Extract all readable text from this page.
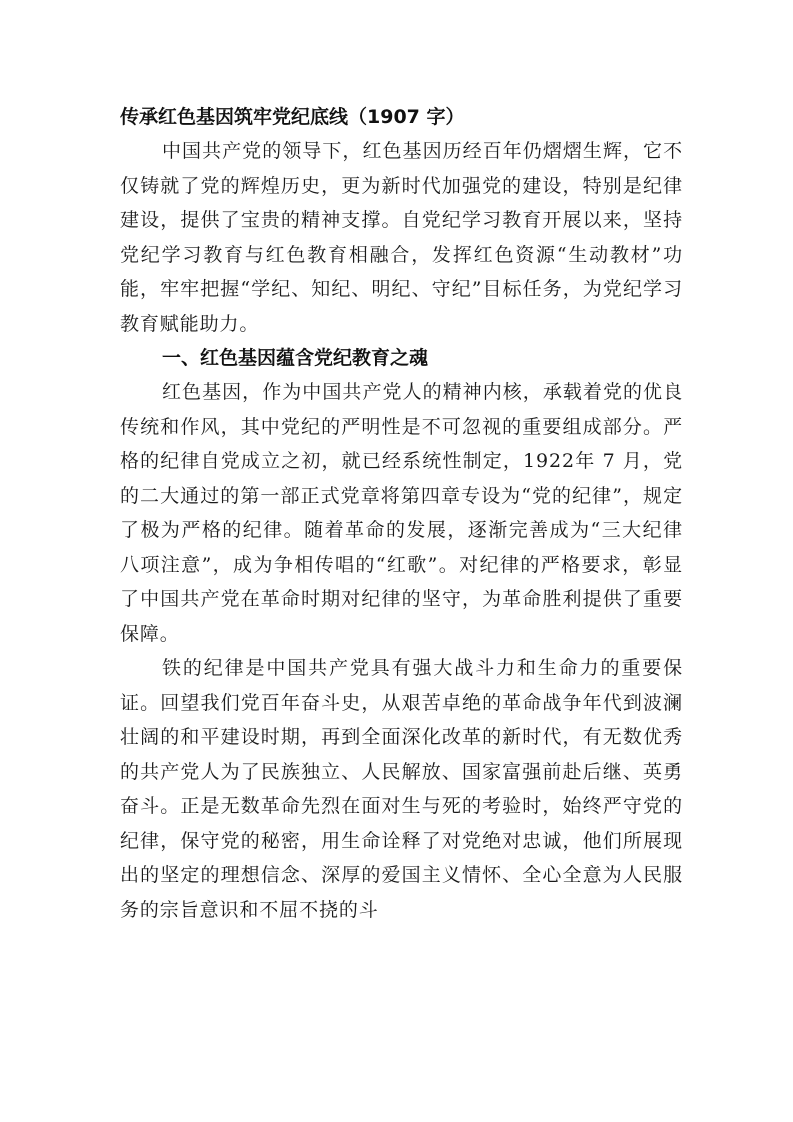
传承红色基因筑牢党纪底线（1907 字）

中国共产党的领导下，红色基因历经百年仍熠熠生辉，它不仅铸就了党的辉煌历史，更为新时代加强党的建设，特别是纪律建设，提供了宝贵的精神支撑。自党纪学习教育开展以来，坚持党纪学习教育与红色教育相融合，发挥红色资源“生动教材”功能，牢牢把握“学纪、知纪、明纪、守纪”目标任务，为党纪学习教育赋能助力。

一、红色基因蕴含党纪教育之魂

红色基因，作为中国共产党人的精神内核，承载着党的优良传统和作风，其中党纪的严明性是不可忽视的重要组成部分。严格的纪律自党成立之初，就已经系统性制定，1922年 7 月，党的二大通过的第一部正式党章将第四章专设为“党的纪律”，规定了极为严格的纪律。随着革命的发展，逐渐完善成为“三大纪律八项注意”，成为争相传唱的“红歌”。对纪律的严格要求，彰显了中国共产党在革命时期对纪律的坚守，为革命胜利提供了重要保障。

铁的纪律是中国共产党具有强大战斗力和生命力的重要保证。回望我们党百年奋斗史，从艰苦卓绝的革命战争年代到波澜壮阔的和平建设时期，再到全面深化改革的新时代，有无数优秀的共产党人为了民族独立、人民解放、国家富强前赴后继、英勇奋斗。正是无数革命先烈在面对生与死的考验时，始终严守党的纪律，保守党的秘密，用生命诠释了对党绝对忠诚，他们所展现出的坚定的理想信念、深厚的爱国主义情怀、全心全意为人民服务的宗旨意识和不屈不挠的斗
